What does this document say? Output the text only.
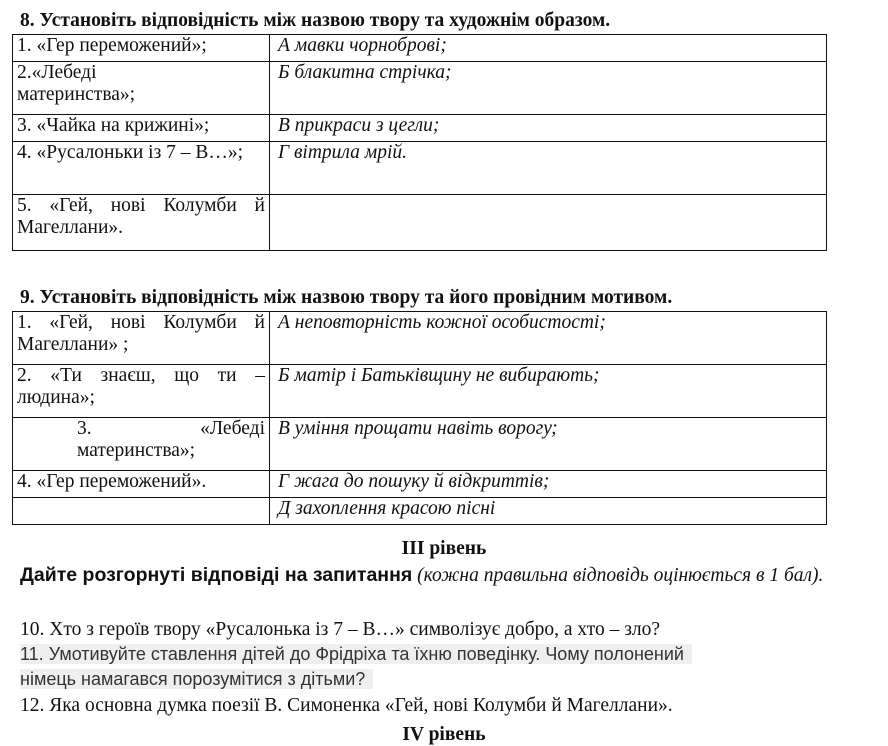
8. Установіть відповідність між назвою твору та художнім образом.
1. «Гер переможений»;	А мавки чорноброві;
2.«Лебеді материнства»;	Б блакитна стрічка;
3. «Чайка на крижині»;	В прикраси з цегли;
4. «Русалоньки із 7 – В…»;	Г вітрила мрій.
5. «Гей, нові Колумби й Магеллани».	
9. Установіть відповідність між назвою твору та його провідним мотивом.
1. «Гей, нові Колумби й Магеллани» ;	А неповторність кожної особистості;
2. «Ти знаєш, що ти – людина»;	Б матір і Батьківщину не вибирають;

3. «Лебеді материнства»;	В уміння прощати навіть ворогу;
4. «Гер переможений».	Г жага до пошуку й відкриттів;
	Д захоплення красою пісні
ІІІ рівень
Дайте розгорнуті відповіді на запитання (кожна правильна відповідь оцінюється в 1 бал).
10. Хто з героїв твору «Русалонька із 7 – В…» символізує добро, а хто – зло?
11. Умотивуйте ставлення дітей до Фрідріха та їхню поведінку. Чому полонений
німець намагався порозумітися з дітьми?
12. Яка основна думка поезії В. Симоненка «Гей, нові Колумби й Магеллани».
IV рівень
